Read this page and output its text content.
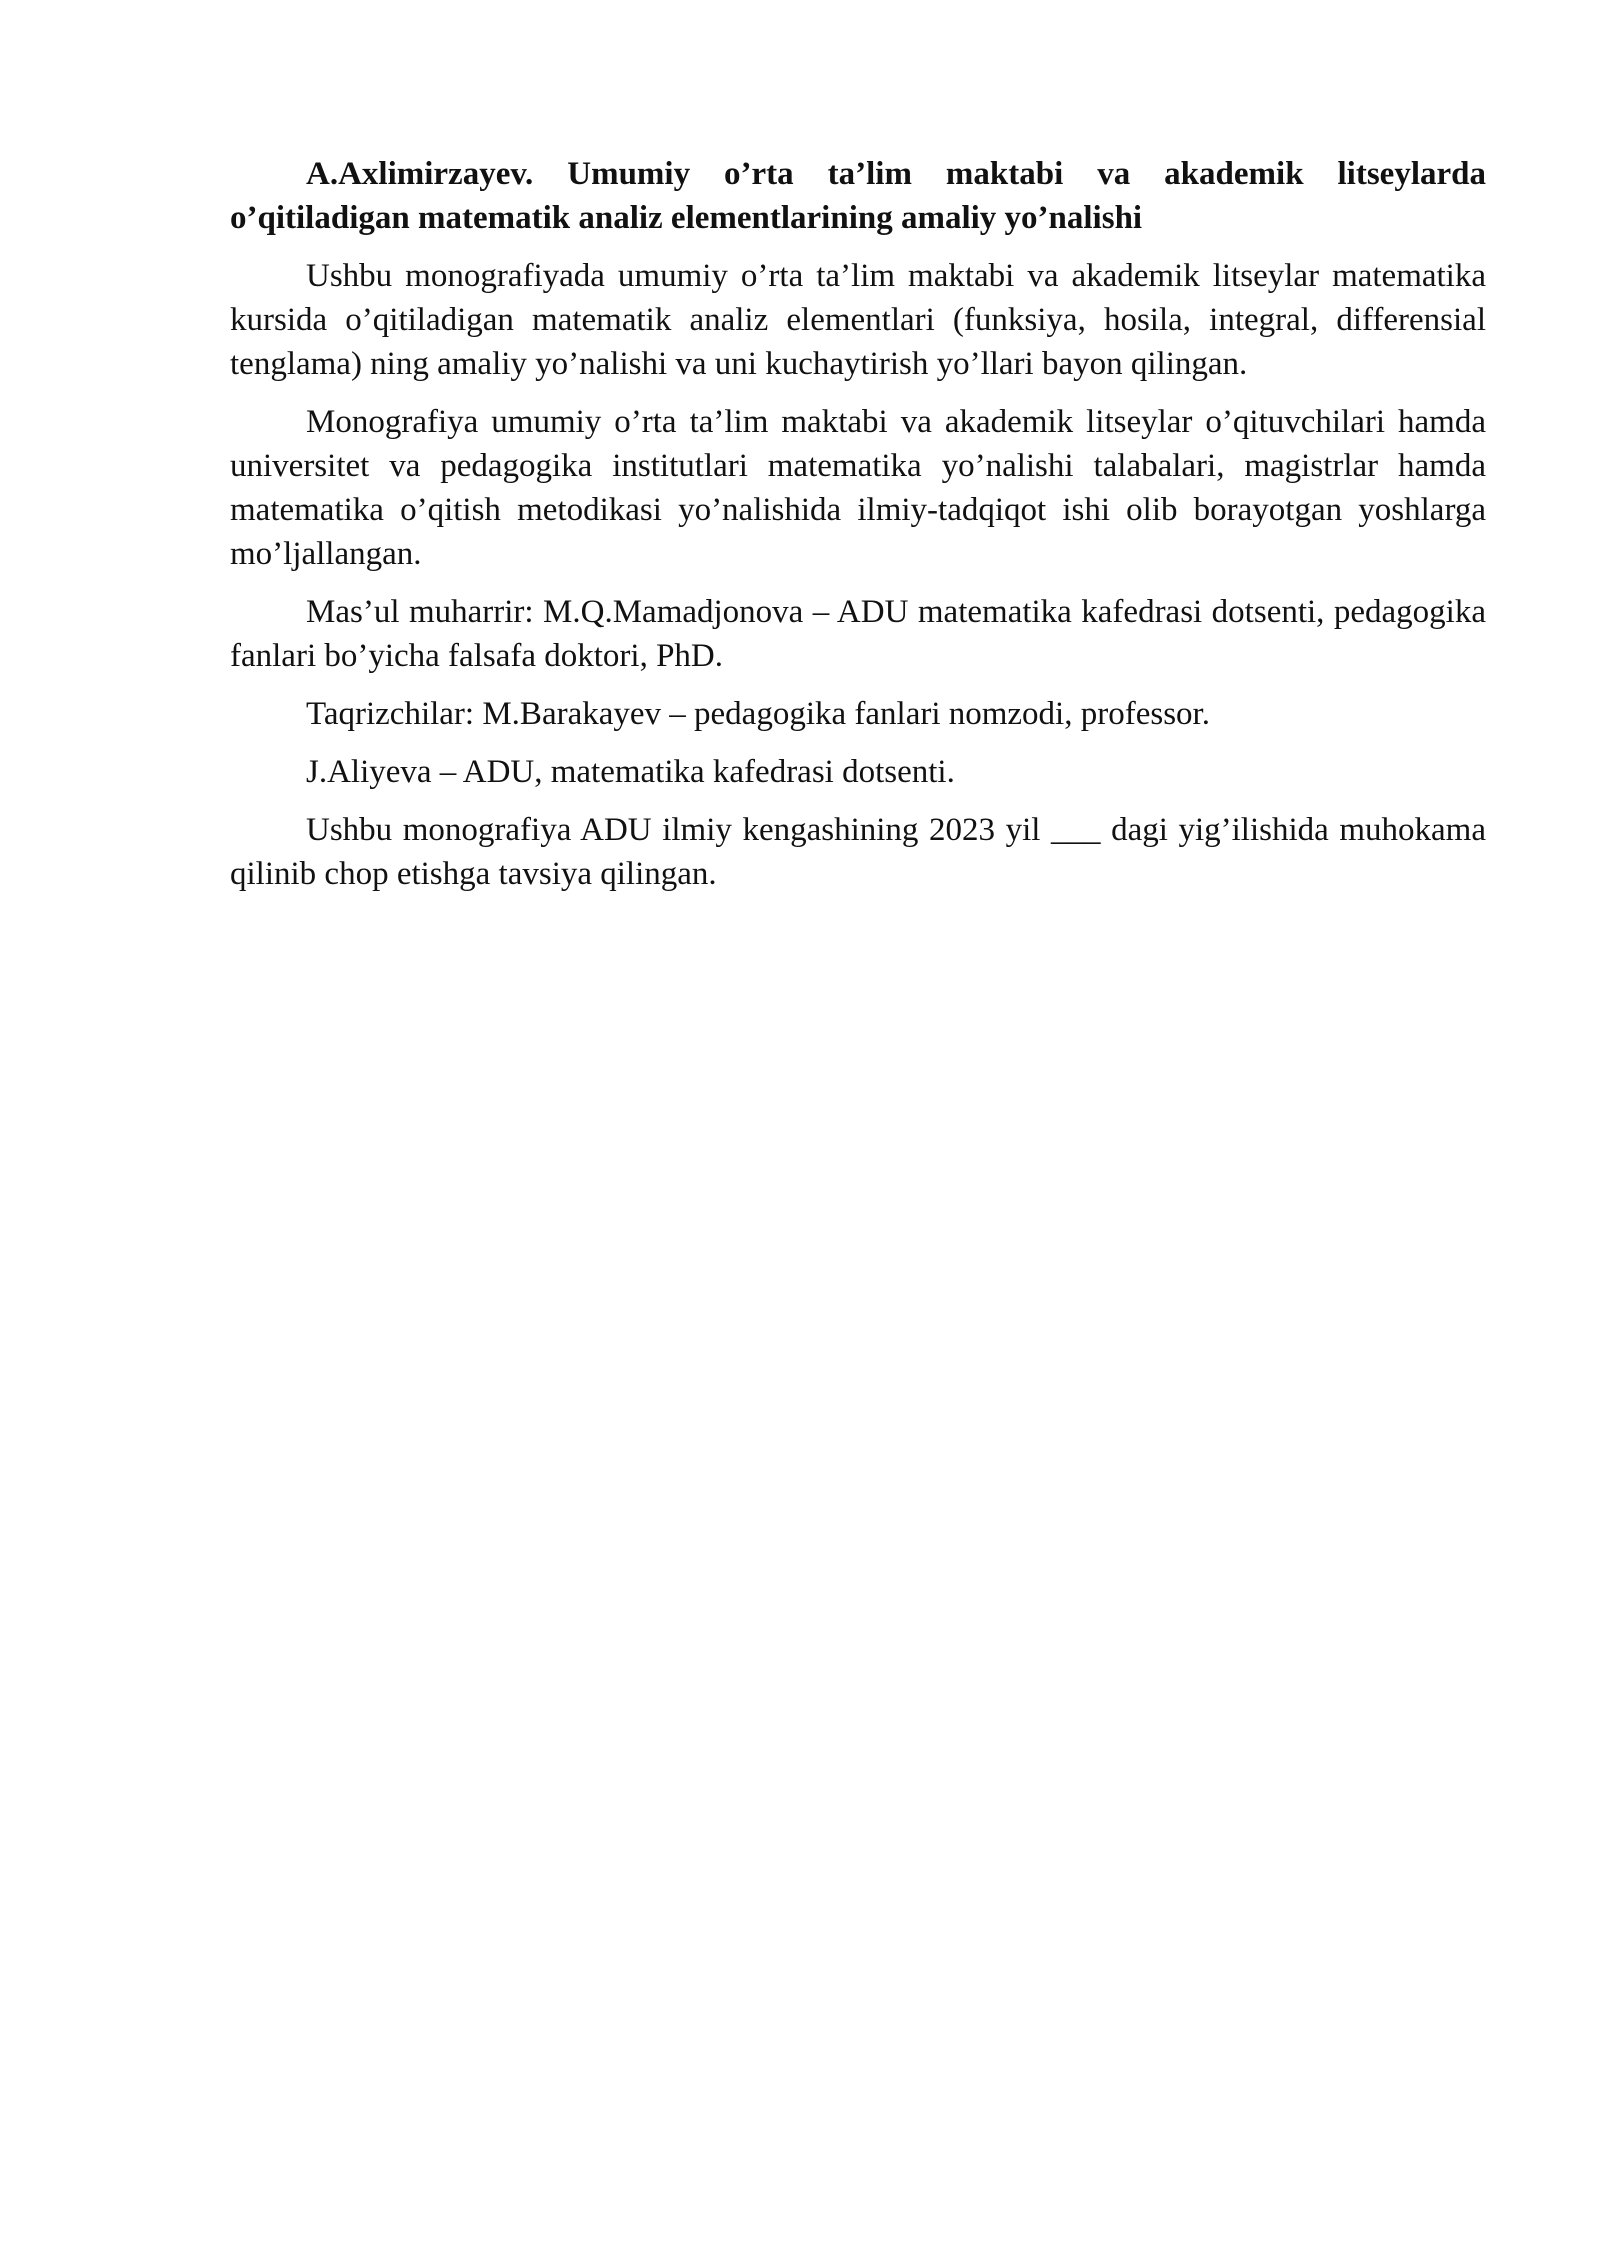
A.Axlimirzayev. Umumiy o’rta ta’lim maktabi va akademik litseylarda o’qitiladigan matematik analiz elementlarining amaliy yo’nalishi

Ushbu monografiyada umumiy o’rta ta’lim maktabi va akademik litseylar matematika kursida o’qitiladigan matematik analiz elementlari (funksiya, hosila, integral, differensial tenglama) ning amaliy yo’nalishi va uni kuchaytirish yo’llari bayon qilingan.

Monografiya umumiy o’rta ta’lim maktabi va akademik litseylar o’qituvchilari hamda universitet va pedagogika institutlari matematika yo’nalishi talabalari, magistrlar hamda matematika o’qitish metodikasi yo’nalishida ilmiy-tadqiqot ishi olib borayotgan yoshlarga mo’ljallangan.

Mas’ul muharrir: M.Q.Mamadjonova – ADU matematika kafedrasi dotsenti, pedagogika fanlari bo’yicha falsafa doktori, PhD.

Taqrizchilar: M.Barakayev – pedagogika fanlari nomzodi, professor.

J.Aliyeva – ADU, matematika kafedrasi dotsenti.

Ushbu monografiya ADU ilmiy kengashining 2023 yil ___ dagi yig’ilishida muhokama qilinib chop etishga tavsiya qilingan.
